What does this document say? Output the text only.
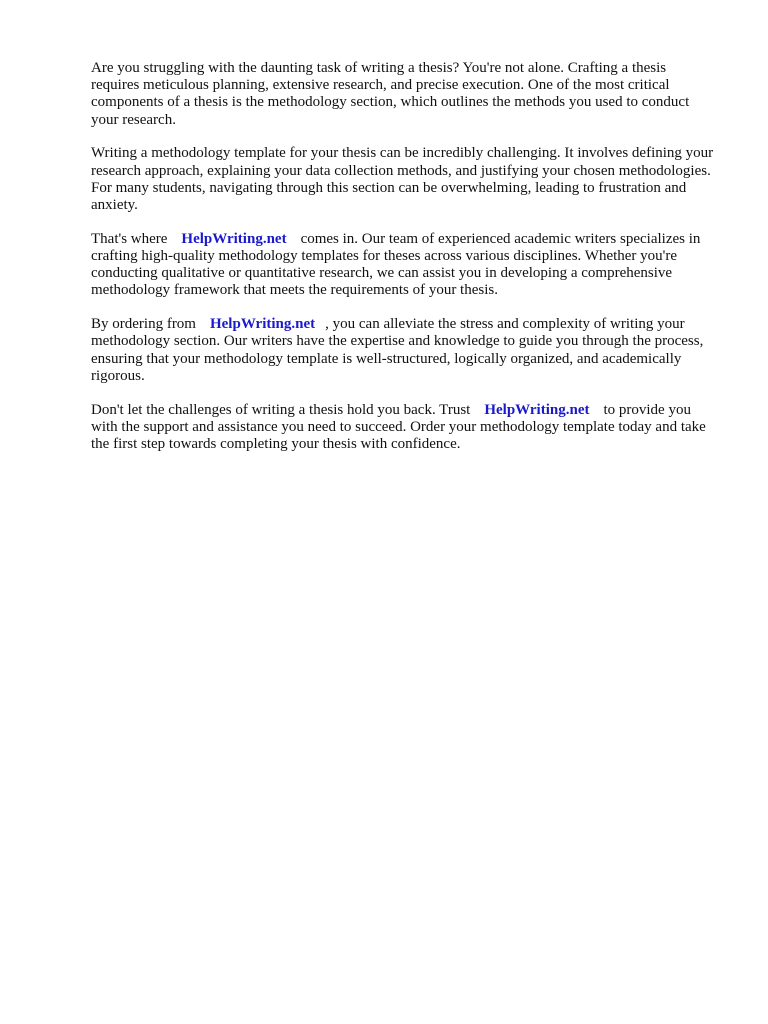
Are you struggling with the daunting task of writing a thesis? You're not alone. Crafting a thesis requires meticulous planning, extensive research, and precise execution. One of the most critical components of a thesis is the methodology section, which outlines the methods you used to conduct your research.

Writing a methodology template for your thesis can be incredibly challenging. It involves defining your research approach, explaining your data collection methods, and justifying your chosen methodologies. For many students, navigating through this section can be overwhelming, leading to frustration and anxiety.

That's where HelpWriting.net comes in. Our team of experienced academic writers specializes in crafting high-quality methodology templates for theses across various disciplines. Whether you're conducting qualitative or quantitative research, we can assist you in developing a comprehensive methodology framework that meets the requirements of your thesis.

By ordering from HelpWriting.net , you can alleviate the stress and complexity of writing your methodology section. Our writers have the expertise and knowledge to guide you through the process, ensuring that your methodology template is well-structured, logically organized, and academically rigorous.

Don't let the challenges of writing a thesis hold you back. Trust HelpWriting.net to provide you with the support and assistance you need to succeed. Order your methodology template today and take the first step towards completing your thesis with confidence.
